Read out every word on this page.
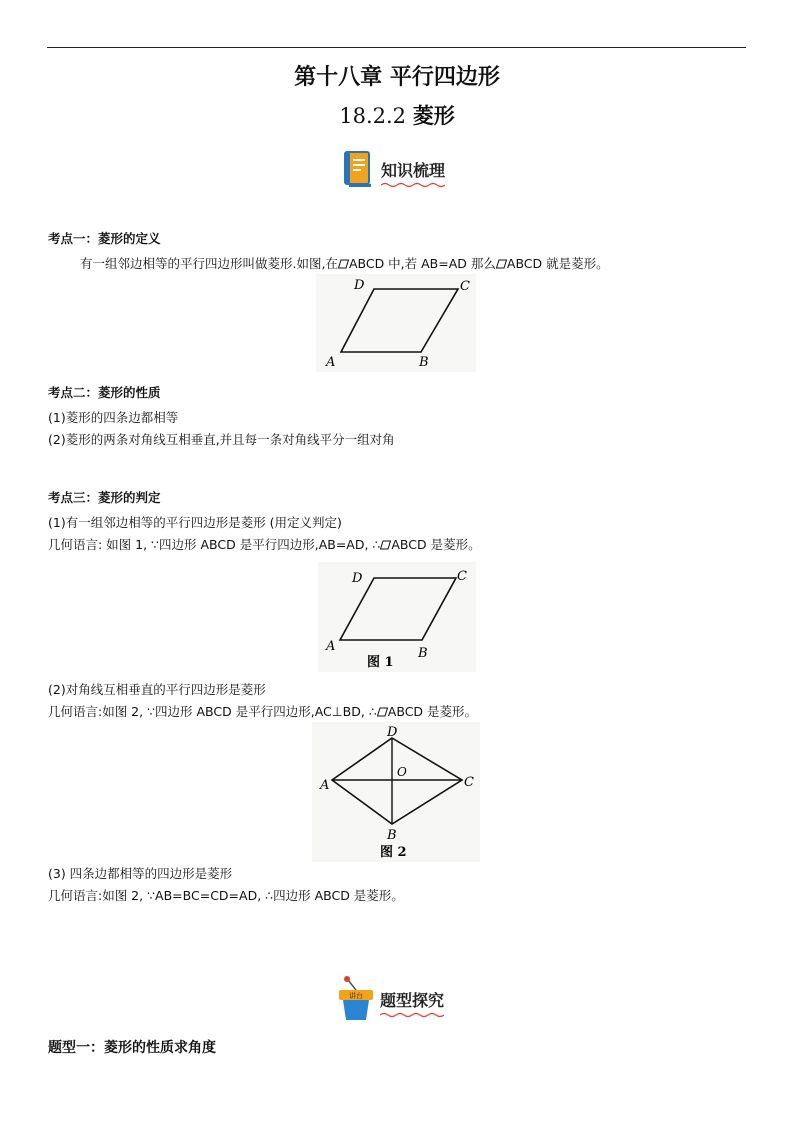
第十八章 平行四边形
18.2.2 菱形
知识梳理
考点一：菱形的定义
有一组邻边相等的平行四边形叫做菱形.如图,在 ABCD 中,若 AB=AD 那么 ABCD 就是菱形。
A	B
C
D
考点二：菱形的性质
(1)菱形的四条边都相等
(2)菱形的两条对角线互相垂直,并且每一条对角线平分一组对角
考点三：菱形的判定
(1)有一组邻边相等的平行四边形是菱形 (用定义判定)
几何语言: 如图 1, ∵四边形 ABCD 是平行四边形,AB=AD, ∴ ABCD 是菱形。
A	B
C
D
图 1
(2)对角线互相垂直的平行四边形是菱形
几何语言:如图 2, ∵四边形 ABCD 是平行四边形,AC⊥BD, ∴ ABCD 是菱形。
A
B
C
D
O
图 2
(3) 四条边都相等的四边形是菱形
几何语言:如图 2, ∵AB=BC=CD=AD, ∴四边形 ABCD 是菱形。
讲台 题型探究
题型一：菱形的性质求角度
